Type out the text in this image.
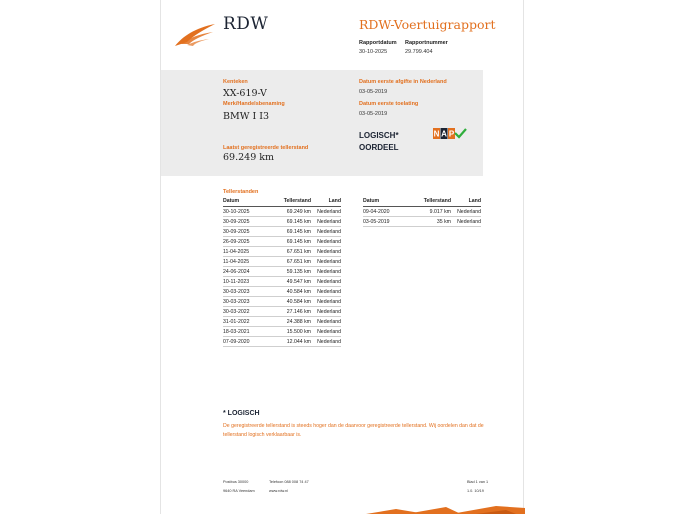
RDW	RDW-Voertuigrapport
Rapportdatum Rapportnummer
30-10-2025	29.799.404
Kenteken
XX-619-V
Merk/Handelsbenaming
BMW I I3
Laatst geregistreerde tellerstand
69.249 km
Datum eerste afgifte in Nederland
03-05-2019
Datum eerste toelating
03-05-2019
LOGISCH*
OORDEEL
N A P
Tellerstanden
Datum	Tellerstand	Land
30-10-2025	69.249 km	Nederland
30-09-2025	69.145 km	Nederland
30-09-2025	69.145 km	Nederland
26-09-2025	69.145 km	Nederland
11-04-2025	67.651 km	Nederland
11-04-2025	67.651 km	Nederland
24-06-2024	59.135 km	Nederland
10-11-2023	49.547 km	Nederland
30-03-2023	40.584 km	Nederland
30-03-2023	40.584 km	Nederland
30-03-2022	27.146 km	Nederland
31-01-2022	24.388 km	Nederland
18-03-2021	15.500 km	Nederland
07-09-2020	12.044 km	Nederland
Datum	Tellerstand	Land
09-04-2020	9.017 km	Nederland
03-05-2019	35 km	Nederland
* LOGISCH
De geregistreerde tellerstand is steeds hoger dan de daarvoor geregistreerde tellerstand. Wij oordelen dan dat de tellerstand logisch verklaarbaar is.
Postbus 30000
9640 RA Veendam
Telefoon 088 008 74 47
www.rdw.nl
Blad 1 van 1
1.0. 10/19
